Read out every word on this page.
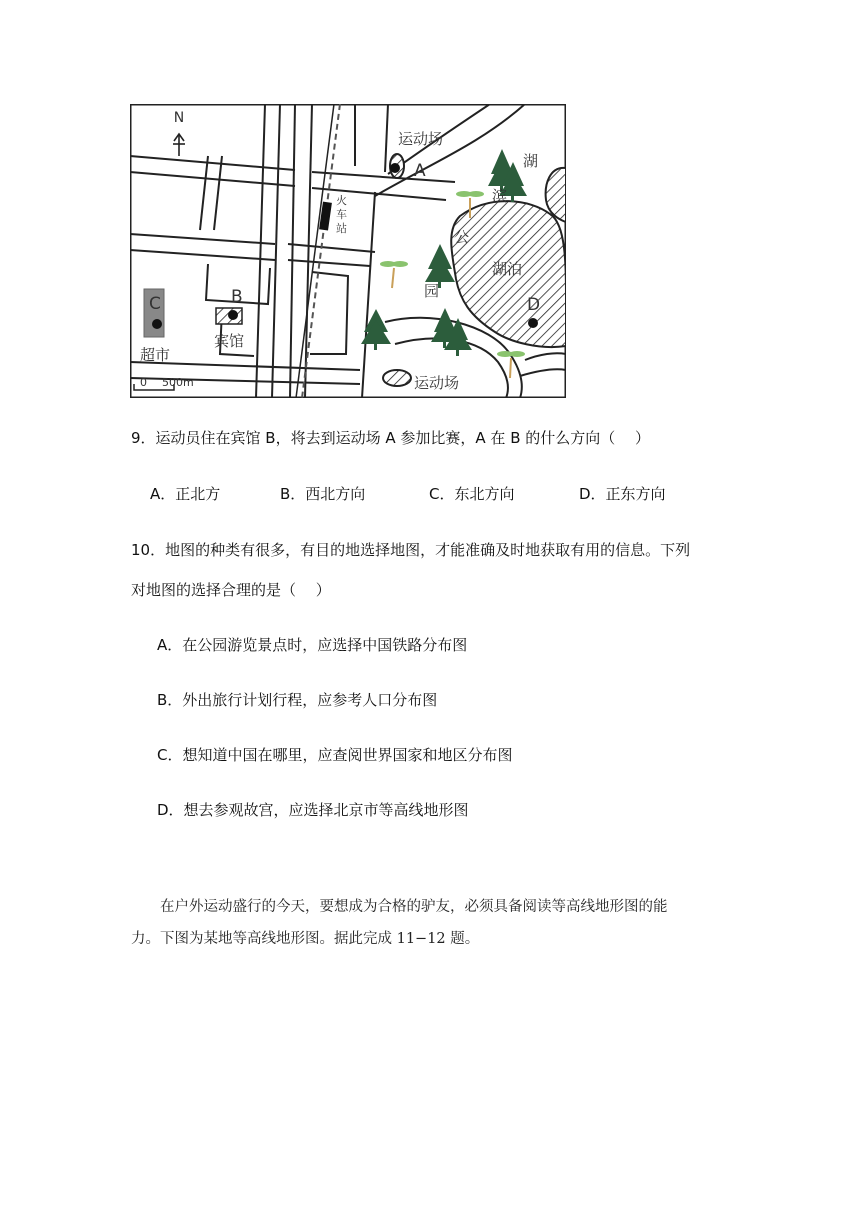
N
运动场
A	湖
滨
公
园
湖泊
D
火
车
站
B
宾馆
C
超市
运动场
0 500m
9．运动员住在宾馆 B，将去到运动场 A 参加比赛，A 在 B 的什么方向（　 ）
A．正北方	B．西北方向	C．东北方向	D．正东方向
10．地图的种类有很多，有目的地选择地图，才能准确及时地获取有用的信息。下列
对地图的选择合理的是（　 ）
A．在公园游览景点时，应选择中国铁路分布图
B．外出旅行计划行程，应参考人口分布图
C．想知道中国在哪里，应查阅世界国家和地区分布图
D．想去参观故宫，应选择北京市等高线地形图
在户外运动盛行的今天，要想成为合格的驴友，必须具备阅读等高线地形图的能
力。下图为某地等高线地形图。据此完成 11−12 题。
